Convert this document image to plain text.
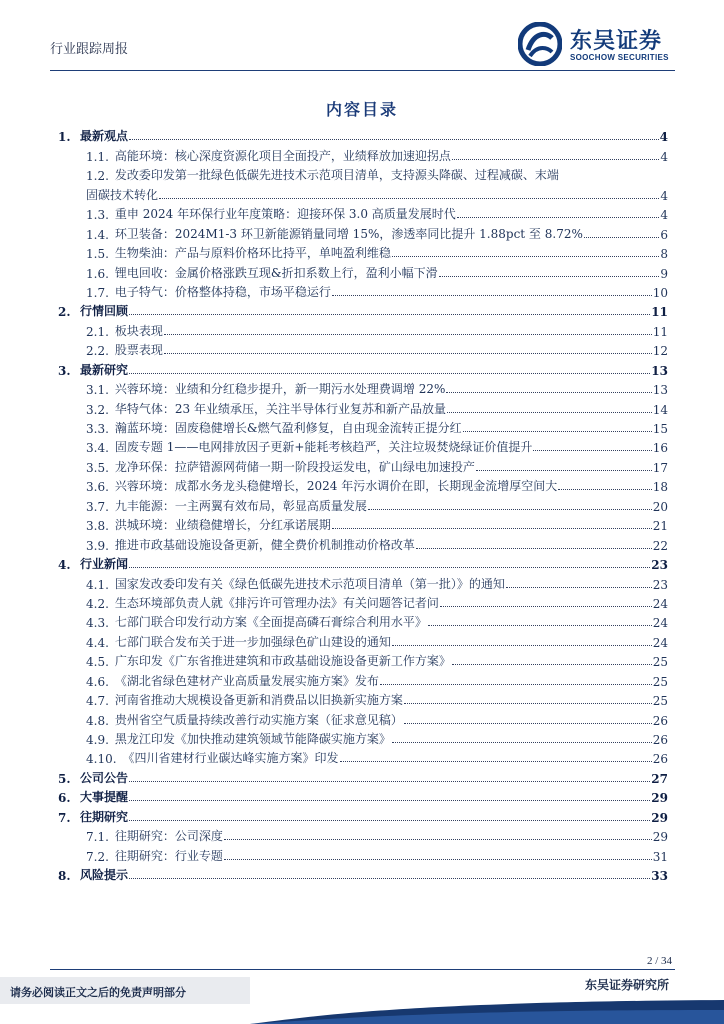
行业跟踪周报	东吴证券
SOOCHOW SECURITIES
内容目录
1. 最新观点	4
1.1. 高能环境：核心深度资源化项目全面投产，业绩释放加速迎拐点	4
1.2. 发改委印发第一批绿色低碳先进技术示范项目清单，支持源头降碳、过程减碳、末端
固碳技术转化	4
1.3. 重申 2024 年环保行业年度策略：迎接环保 3.0 高质量发展时代	4
1.4. 环卫装备：2024M1-3 环卫新能源销量同增 15%，渗透率同比提升 1.88pct 至 8.72%	6
1.5. 生物柴油：产品与原料价格环比持平，单吨盈利维稳	8
1.6. 锂电回收：金属价格涨跌互现&折扣系数上行，盈利小幅下滑	9
1.7. 电子特气：价格整体持稳，市场平稳运行	10
2. 行情回顾	11
2.1. 板块表现	11
2.2. 股票表现	12
3. 最新研究	13
3.1. 兴蓉环境：业绩和分红稳步提升，新一期污水处理费调增 22%	13
3.2. 华特气体：23 年业绩承压，关注半导体行业复苏和新产品放量	14
3.3. 瀚蓝环境：固废稳健增长&燃气盈利修复，自由现金流转正提分红	15
3.4. 固废专题 1——电网排放因子更新+能耗考核趋严，关注垃圾焚烧绿证价值提升	16
3.5. 龙净环保：拉萨错源网荷储一期一阶段投运发电，矿山绿电加速投产	17
3.6. 兴蓉环境：成都水务龙头稳健增长，2024 年污水调价在即，长期现金流增厚空间大	18
3.7. 九丰能源：一主两翼有效布局，彰显高质量发展	20
3.8. 洪城环境：业绩稳健增长，分红承诺展期	21
3.9. 推进市政基础设施设备更新，健全费价机制推动价格改革	22
4. 行业新闻	23
4.1. 国家发改委印发有关《绿色低碳先进技术示范项目清单（第一批）》的通知	23
4.2. 生态环境部负责人就《排污许可管理办法》有关问题答记者问	24
4.3. 七部门联合印发行动方案《全面提高磷石膏综合利用水平》	24
4.4. 七部门联合发布关于进一步加强绿色矿山建设的通知	24
4.5. 广东印发《广东省推进建筑和市政基础设施设备更新工作方案》	25
4.6. 《湖北省绿色建材产业高质量发展实施方案》发布	25
4.7. 河南省推动大规模设备更新和消费品以旧换新实施方案	25
4.8. 贵州省空气质量持续改善行动实施方案（征求意见稿）	26
4.9. 黑龙江印发《加快推动建筑领域节能降碳实施方案》	26
4.10. 《四川省建材行业碳达峰实施方案》印发	26
5. 公司公告	27
6. 大事提醒	29
7. 往期研究	29
7.1. 往期研究：公司深度	29
7.2. 往期研究：行业专题	31
8. 风险提示	33
2 / 34
请务必阅读正文之后的免责声明部分
东吴证券研究所
